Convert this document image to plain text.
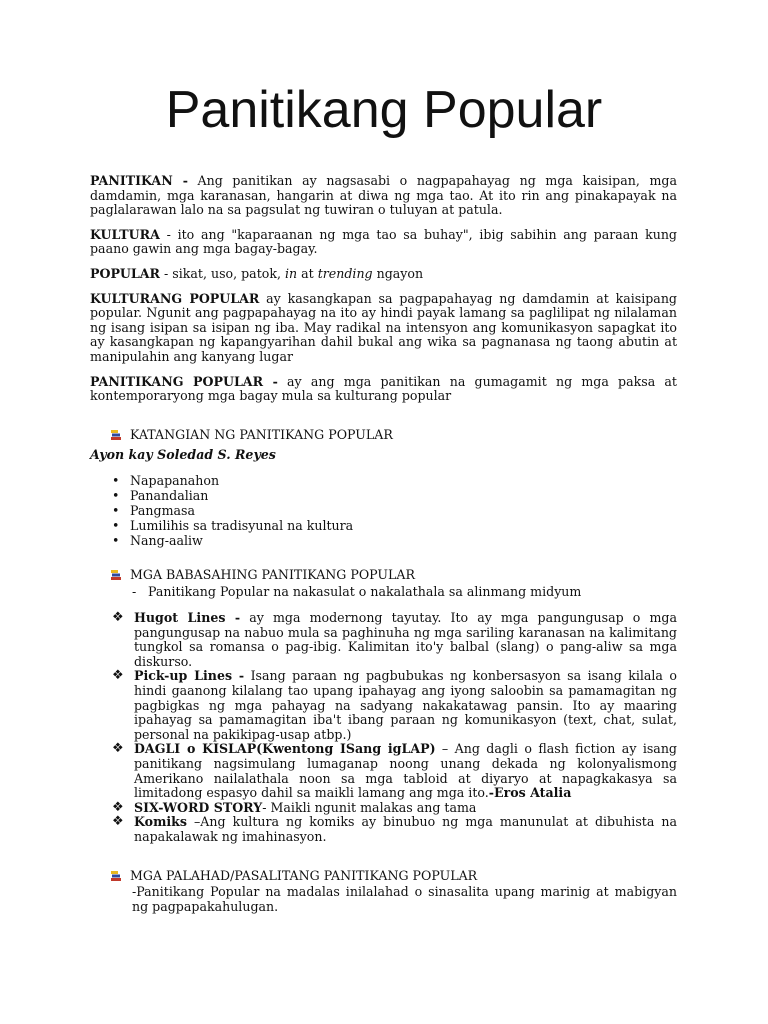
Panitikang Popular

PANITIKAN - Ang panitikan ay nagsasabi o nagpapahayag ng mga kaisipan, mga damdamin, mga karanasan, hangarin at diwa ng mga tao. At ito rin ang pinakapayak na paglalarawan lalo na sa pagsulat ng tuwiran o tuluyan at patula.

KULTURA - ito ang "kaparaanan ng mga tao sa buhay", ibig sabihin ang paraan kung paano gawin ang mga bagay-bagay.

POPULAR - sikat, uso, patok, in at trending ngayon

KULTURANG POPULAR ay kasangkapan sa pagpapahayag ng damdamin at kaisipang popular. Ngunit ang pagpapahayag na ito ay hindi payak lamang sa paglilipat ng nilalaman ng isang isipan sa isipan ng iba. May radikal na intensyon ang komunikasyon sapagkat ito ay kasangkapan ng kapangyarihan dahil bukal ang wika sa pagnanasa ng taong abutin at manipulahin ang kanyang lugar

PANITIKANG POPULAR - ay ang mga panitikan na gumagamit ng mga paksa at kontemporaryong mga bagay mula sa kulturang popular

KATANGIAN NG PANITIKANG POPULAR
Ayon kay Soledad S. Reyes
• Napapanahon
• Panandalian
• Pangmasa
• Lumilihis sa tradisyunal na kultura
• Nang-aaliw
MGA BABASAHING PANITIKANG POPULAR
- Panitikang Popular na nakasulat o nakalathala sa alinmang midyum
❖ Hugot Lines - ay mga modernong tayutay. Ito ay mga pangungusap o mga pangungusap na nabuo mula sa paghinuha ng mga sariling karanasan na kalimitang tungkol sa romansa o pag-ibig. Kalimitan ito'y balbal (slang) o pang-aliw sa mga diskurso.
❖ Pick-up Lines - Isang paraan ng pagbubukas ng konbersasyon sa isang kilala o hindi gaanong kilalang tao upang ipahayag ang iyong saloobin sa pamamagitan ng pagbigkas ng mga pahayag na sadyang nakakatawag pansin. Ito ay maaring ipahayag sa pamamagitan iba't ibang paraan ng komunikasyon (text, chat, sulat, personal na pakikipag-usap atbp.)
❖ DAGLI o KISLAP(Kwentong ISang igLAP) – Ang dagli o flash fiction ay isang panitikang nagsimulang lumaganap noong unang dekada ng kolonyalismong Amerikano nailalathala noon sa mga tabloid at diyaryo at napagkakasya sa limitadong espasyo dahil sa maikli lamang ang mga ito.-Eros Atalia
❖ SIX-WORD STORY- Maikli ngunit malakas ang tama
❖ Komiks –Ang kultura ng komiks ay binubuo ng mga manunulat at dibuhista na napakalawak ng imahinasyon.
MGA PALAHAD/PASALITANG PANITIKANG POPULAR
-Panitikang Popular na madalas inilalahad o sinasalita upang marinig at mabigyan ng pagpapakahulugan.
